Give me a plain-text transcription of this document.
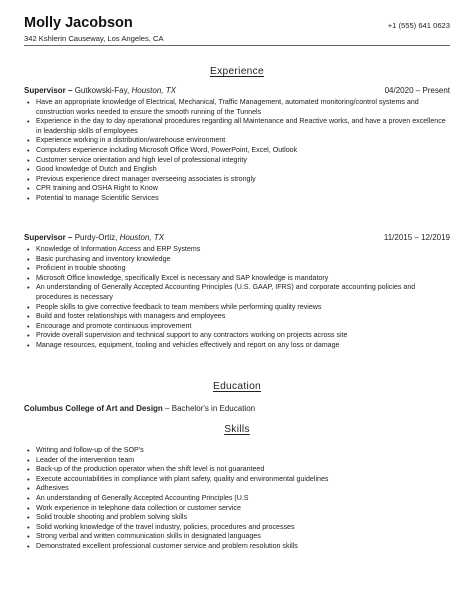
Molly Jacobson	+1 (555) 641 0623
342 Kshlerin Causeway, Los Angeles, CA
Experience
Supervisor – Gutkowski-Fay, Houston, TX	04/2020 – Present
• Have an appropriate knowledge of Electrical, Mechanical, Traffic Management, automated monitoring/control systems and construction works needed to ensure the smooth running of the Tunnels
• Experience in the day to day operational procedures regarding all Maintenance and Reactive works, and have a proven excellence in leadership skills of employees
• Experience working in a distribution/warehouse environment
• Computers experience including Microsoft Office Word, PowerPoint, Excel, Outlook
• Customer service orientation and high level of professional integrity
• Good knowledge of Dutch and English
• Previous experience direct manager overseeing associates is strongly
• CPR training and OSHA Right to Know
• Potential to manage Scientific Services
Supervisor – Purdy-Ortiz, Houston, TX	11/2015 – 12/2019
• Knowledge of Information Access and ERP Systems
• Basic purchasing and inventory knowledge
• Proficient in trouble shooting
• Microsoft Office knowledge, specifically Excel is necessary and SAP knowledge is mandatory
• An understanding of Generally Accepted Accounting Principles (U.S. GAAP, IFRS) and corporate accounting policies and procedures is necessary
• People skills to give corrective feedback to team members while performing quality reviews
• Build and foster relationships with managers and employees
• Encourage and promote continuous improvement
• Provide overall supervision and technical support to any contractors working on projects across site
• Manage resources, equipment, tooling and vehicles effectively and report on any loss or damage
Education
Columbus College of Art and Design – Bachelor's in Education
Skills
• Writing and follow-up of the SOP's
• Leader of the intervention team
• Back-up of the production operator when the shift level is not guaranteed
• Execute accountabilities in compliance with plant safety, quality and environmental guidelines
• Adhesives
• An understanding of Generally Accepted Accounting Principles (U.S
• Work experience in telephone data collection or customer service
• Solid trouble shooting and problem solving skills
• Solid working knowledge of the travel industry, policies, procedures and processes
• Strong verbal and written communication skills in designated languages
• Demonstrated excellent professional customer service and problem resolution skills
